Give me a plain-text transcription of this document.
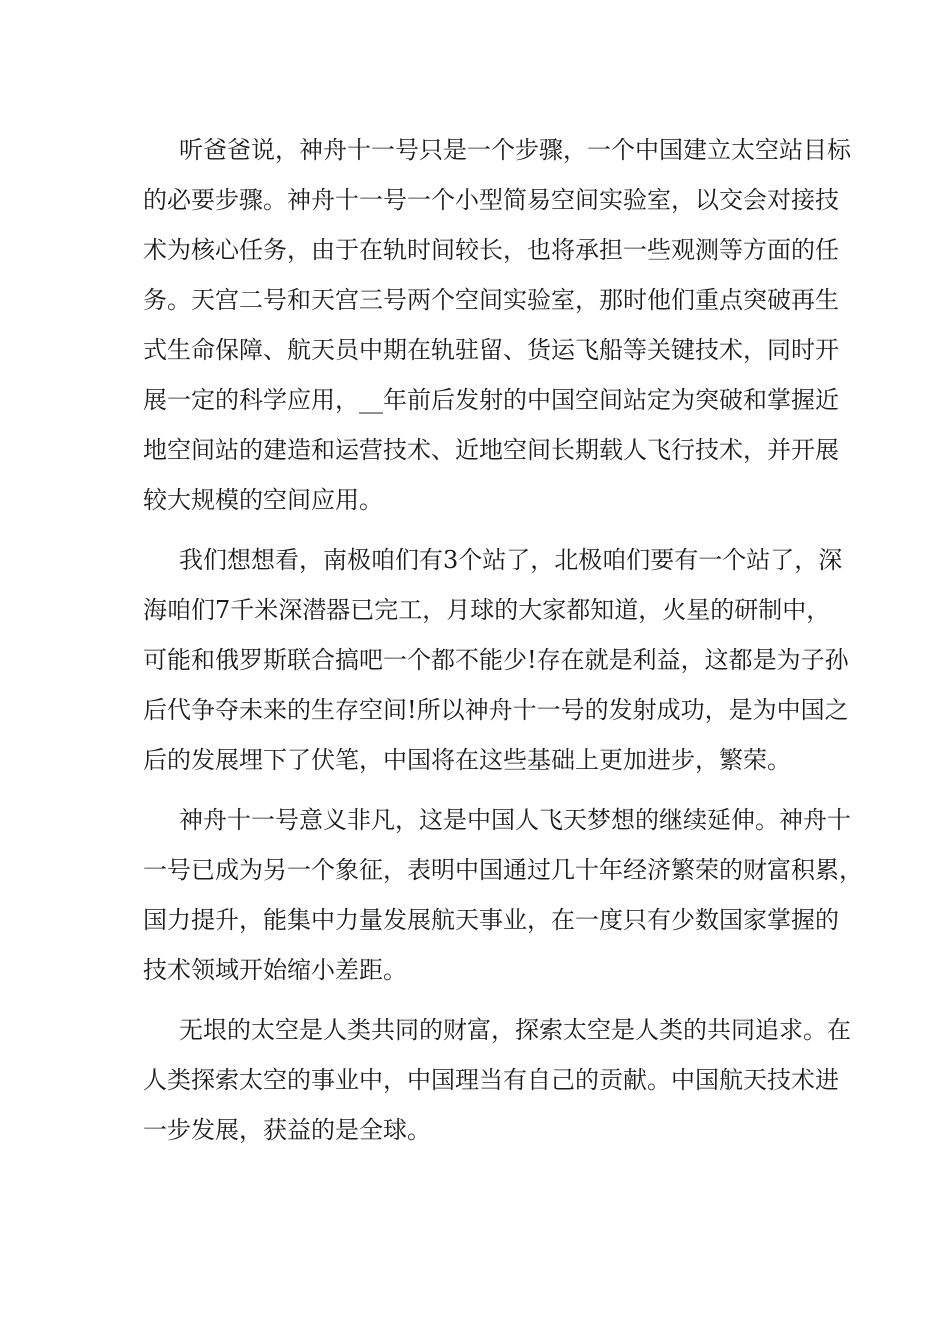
听爸爸说，神舟十一号只是一个步骤，一个中国建立太空站目标

的必要步骤。神舟十一号一个小型简易空间实验室，以交会对接技

术为核心任务，由于在轨时间较长，也将承担一些观测等方面的任

务。天宫二号和天宫三号两个空间实验室，那时他们重点突破再生

式生命保障、航天员中期在轨驻留、货运飞船等关键技术，同时开

展一定的科学应用，__年前后发射的中国空间站定为突破和掌握近

地空间站的建造和运营技术、近地空间长期载人飞行技术，并开展

较大规模的空间应用。

我们想想看，南极咱们有3个站了，北极咱们要有一个站了，深

海咱们7千米深潜器已完工，月球的大家都知道，火星的研制中，

可能和俄罗斯联合搞吧一个都不能少!存在就是利益，这都是为子孙

后代争夺未来的生存空间!所以神舟十一号的发射成功，是为中国之

后的发展埋下了伏笔，中国将在这些基础上更加进步，繁荣。

神舟十一号意义非凡，这是中国人飞天梦想的继续延伸。神舟十

一号已成为另一个象征，表明中国通过几十年经济繁荣的财富积累，

国力提升，能集中力量发展航天事业，在一度只有少数国家掌握的

技术领域开始缩小差距。

无垠的太空是人类共同的财富，探索太空是人类的共同追求。在

人类探索太空的事业中，中国理当有自己的贡献。中国航天技术进

一步发展，获益的是全球。
